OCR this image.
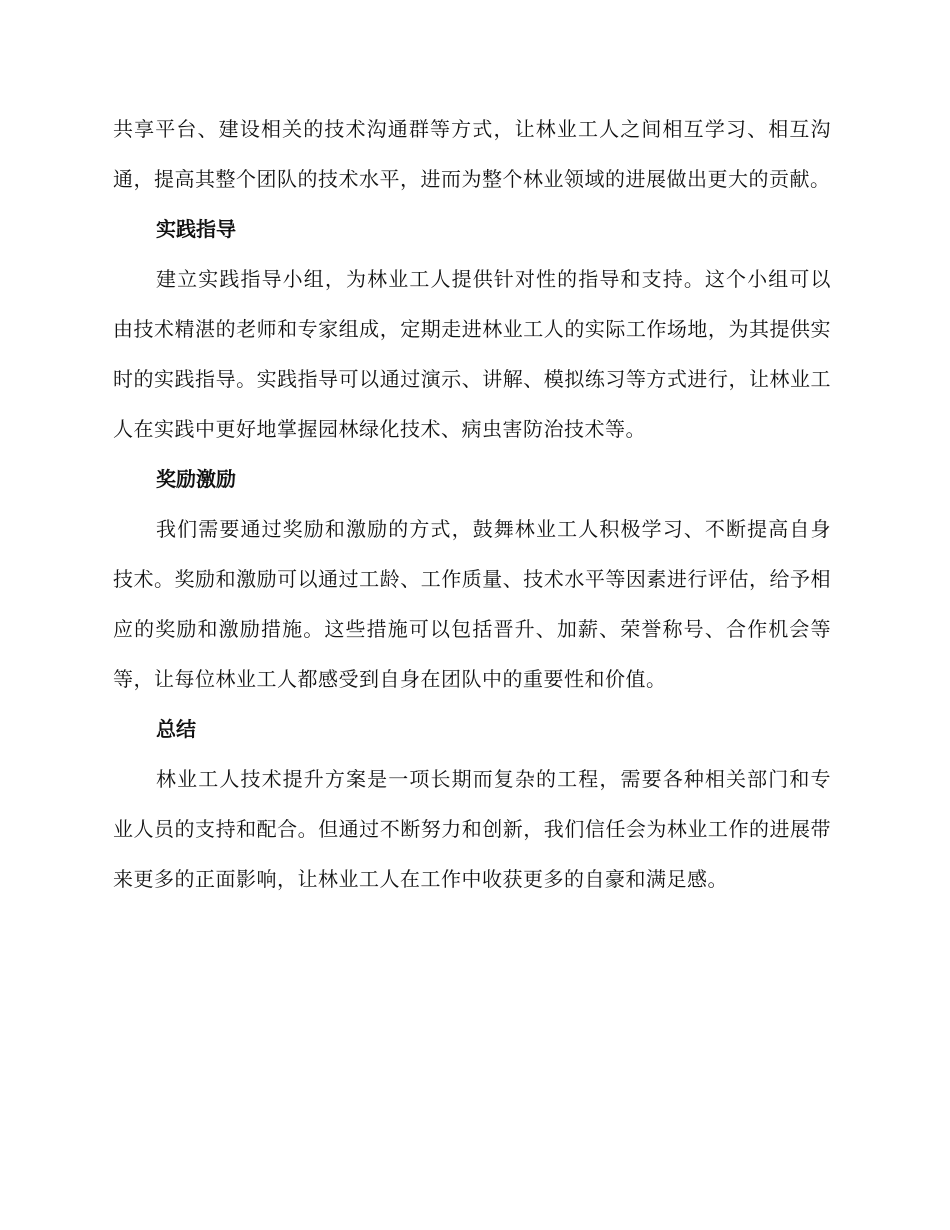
共享平台、建设相关的技术沟通群等方式，让林业工人之间相互学习、相互沟通，提高其整个团队的技术水平，进而为整个林业领域的进展做出更大的贡献。

实践指导

建立实践指导小组，为林业工人提供针对性的指导和支持。这个小组可以由技术精湛的老师和专家组成，定期走进林业工人的实际工作场地，为其提供实时的实践指导。实践指导可以通过演示、讲解、模拟练习等方式进行，让林业工人在实践中更好地掌握园林绿化技术、病虫害防治技术等。

奖励激励

我们需要通过奖励和激励的方式，鼓舞林业工人积极学习、不断提高自身技术。奖励和激励可以通过工龄、工作质量、技术水平等因素进行评估，给予相应的奖励和激励措施。这些措施可以包括晋升、加薪、荣誉称号、合作机会等等，让每位林业工人都感受到自身在团队中的重要性和价值。

总结

林业工人技术提升方案是一项长期而复杂的工程，需要各种相关部门和专业人员的支持和配合。但通过不断努力和创新，我们信任会为林业工作的进展带来更多的正面影响，让林业工人在工作中收获更多的自豪和满足感。
